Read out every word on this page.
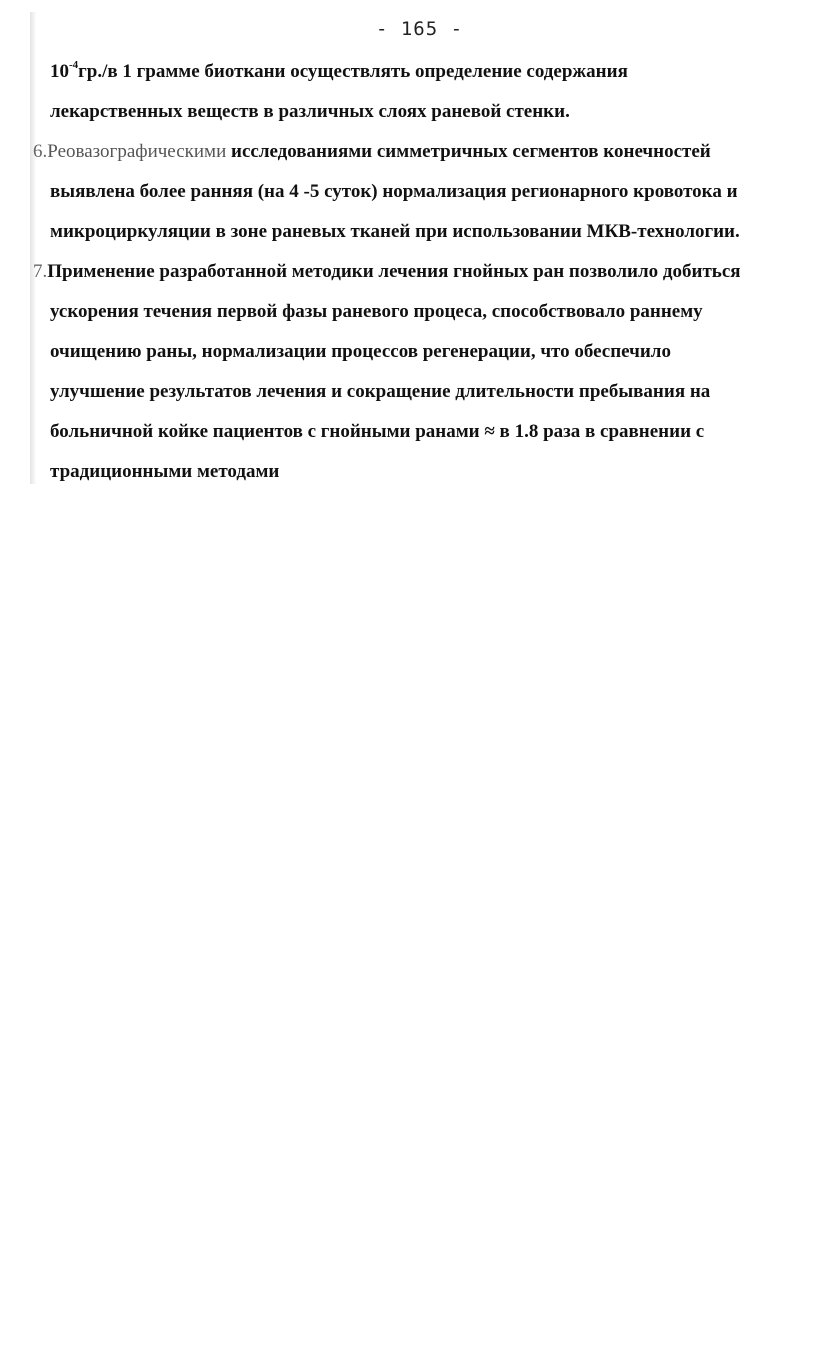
- 165 -
$10^{-4}гр./в$ 1 грамме биоткани осуществлять определение содержания
лекарственных веществ в различных слоях раневой стенки.
6.Реовазографическими исследованиями симметричных сегментов конечностей
выявлена более ранняя (на 4 -5 суток) нормализация регионарного кровотока и
микроциркуляции в зоне раневых тканей при использовании МКВ-технологии.
7.Применение разработанной методики лечения гнойных ран позволило добиться
ускорения течения первой фазы раневого процеса, способствовало раннему
очищению раны, нормализации процессов регенерации, что обеспечило
улучшение результатов лечения и сокращение длительности пребывания на
больничной койке пациентов с гнойными ранами ≈ в 1.8 раза в сравнении с
традиционными методами
